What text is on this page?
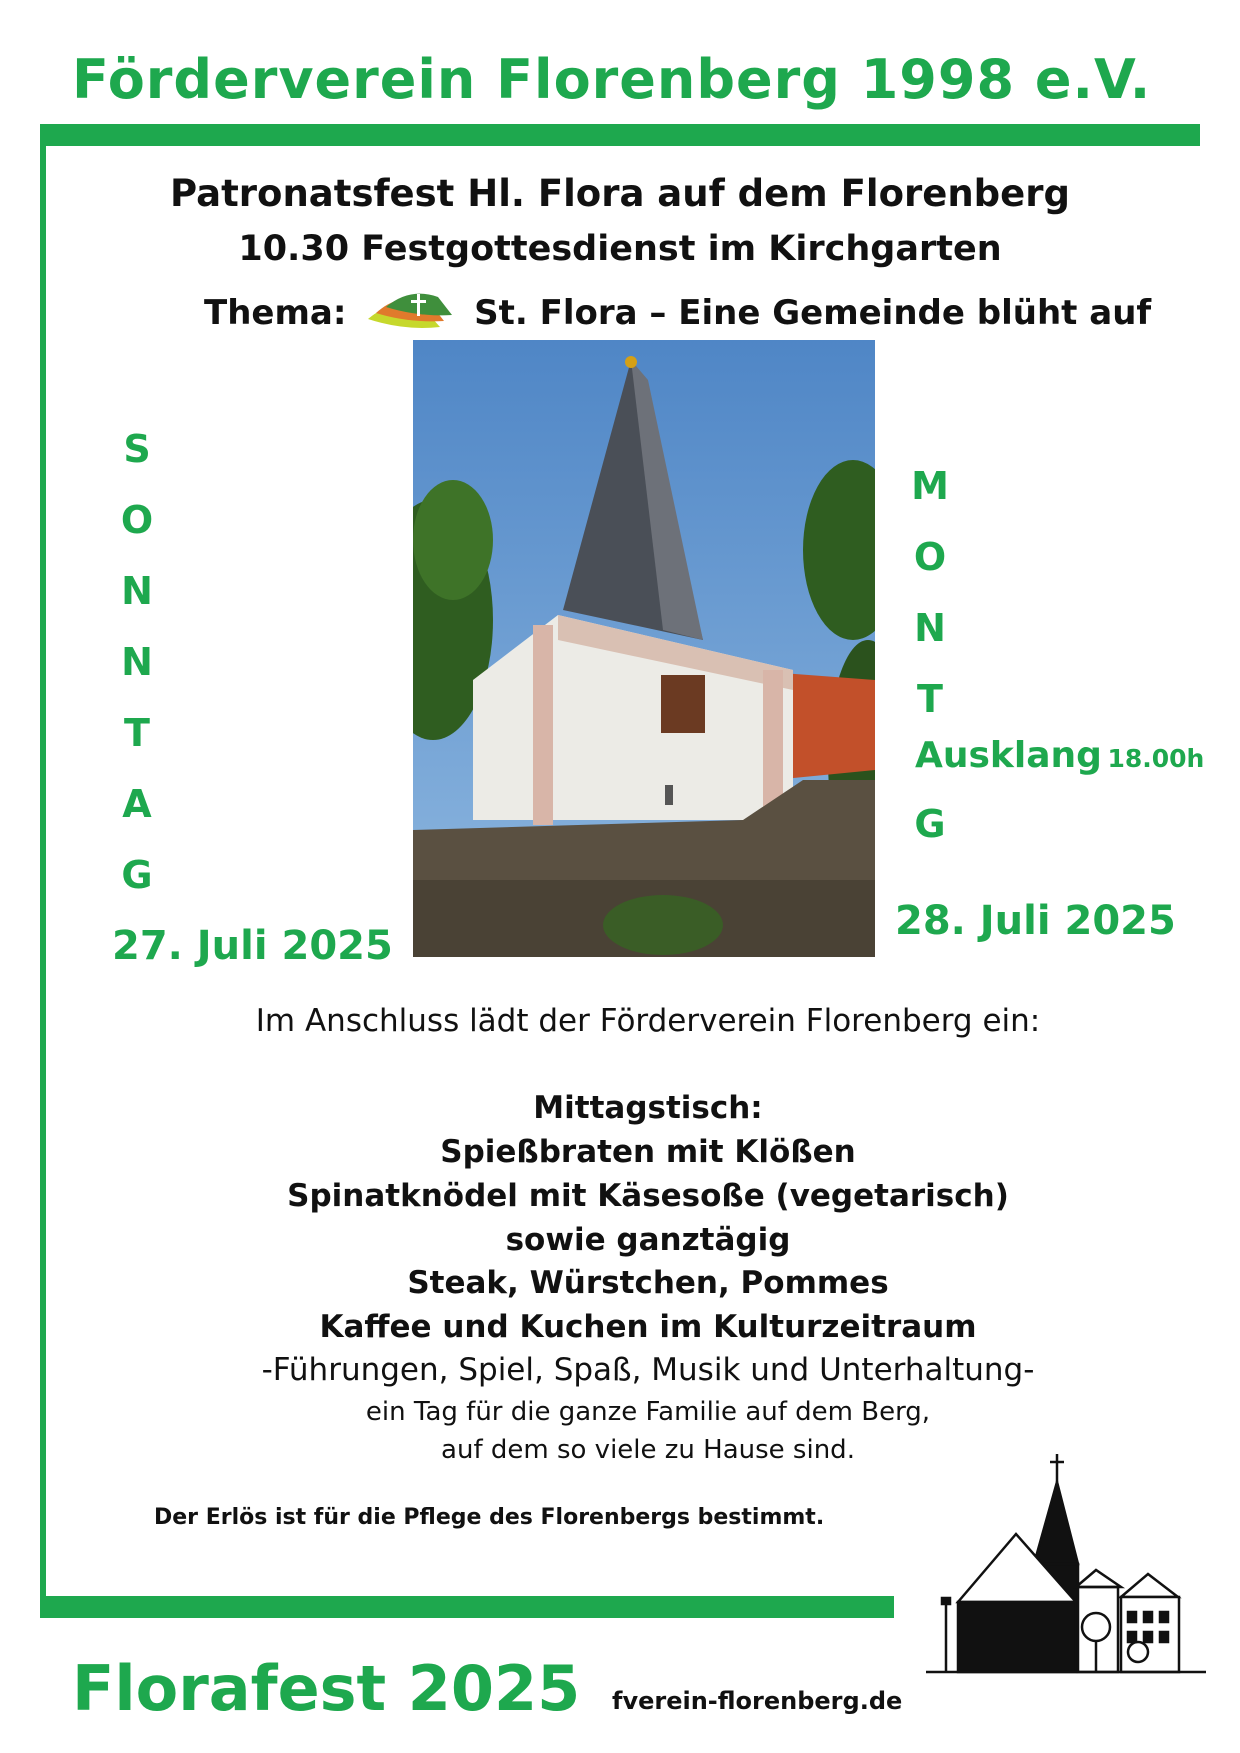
Förderverein Florenberg 1998 e.V.
Patronatsfest Hl. Flora auf dem Florenberg
10.30 Festgottesdienst im Kirchgarten
Thema:	St. Flora – Eine Gemeinde blüht auf
S
O
N
N
T
A
G
27. Juli 2025
M
O
N
T
Ausklang 18.00h
G
28. Juli 2025
Im Anschluss lädt der Förderverein Florenberg ein:
Mittagstisch:
Spießbraten mit Klößen
Spinatknödel mit Käsesoße (vegetarisch)
sowie ganztägig
Steak, Würstchen, Pommes
Kaffee und Kuchen im Kulturzeitraum
-Führungen, Spiel, Spaß, Musik und Unterhaltung-
ein Tag für die ganze Familie auf dem Berg,
auf dem so viele zu Hause sind.
Der Erlös ist für die Pflege des Florenbergs bestimmt.
Florafest 2025 fverein-florenberg.de
